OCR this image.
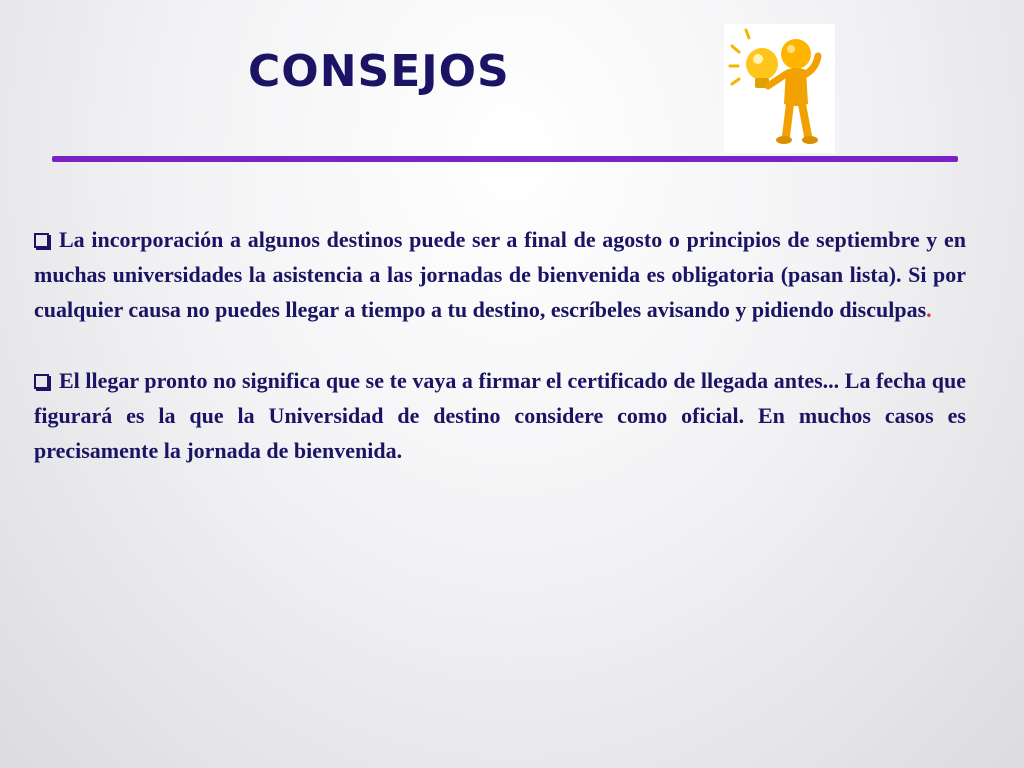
CONSEJOS

La incorporación a algunos destinos puede ser a final de agosto o principios de septiembre y en muchas universidades la asistencia a las jornadas de bienvenida es obligatoria (pasan lista). Si por cualquier causa no puedes llegar a tiempo a tu destino, escríbeles avisando y pidiendo disculpas.

El llegar pronto no significa que se te vaya a firmar el certificado de llegada antes... La fecha que figurará es la que la Universidad de destino considere como oficial. En muchos casos es precisamente la jornada de bienvenida.
